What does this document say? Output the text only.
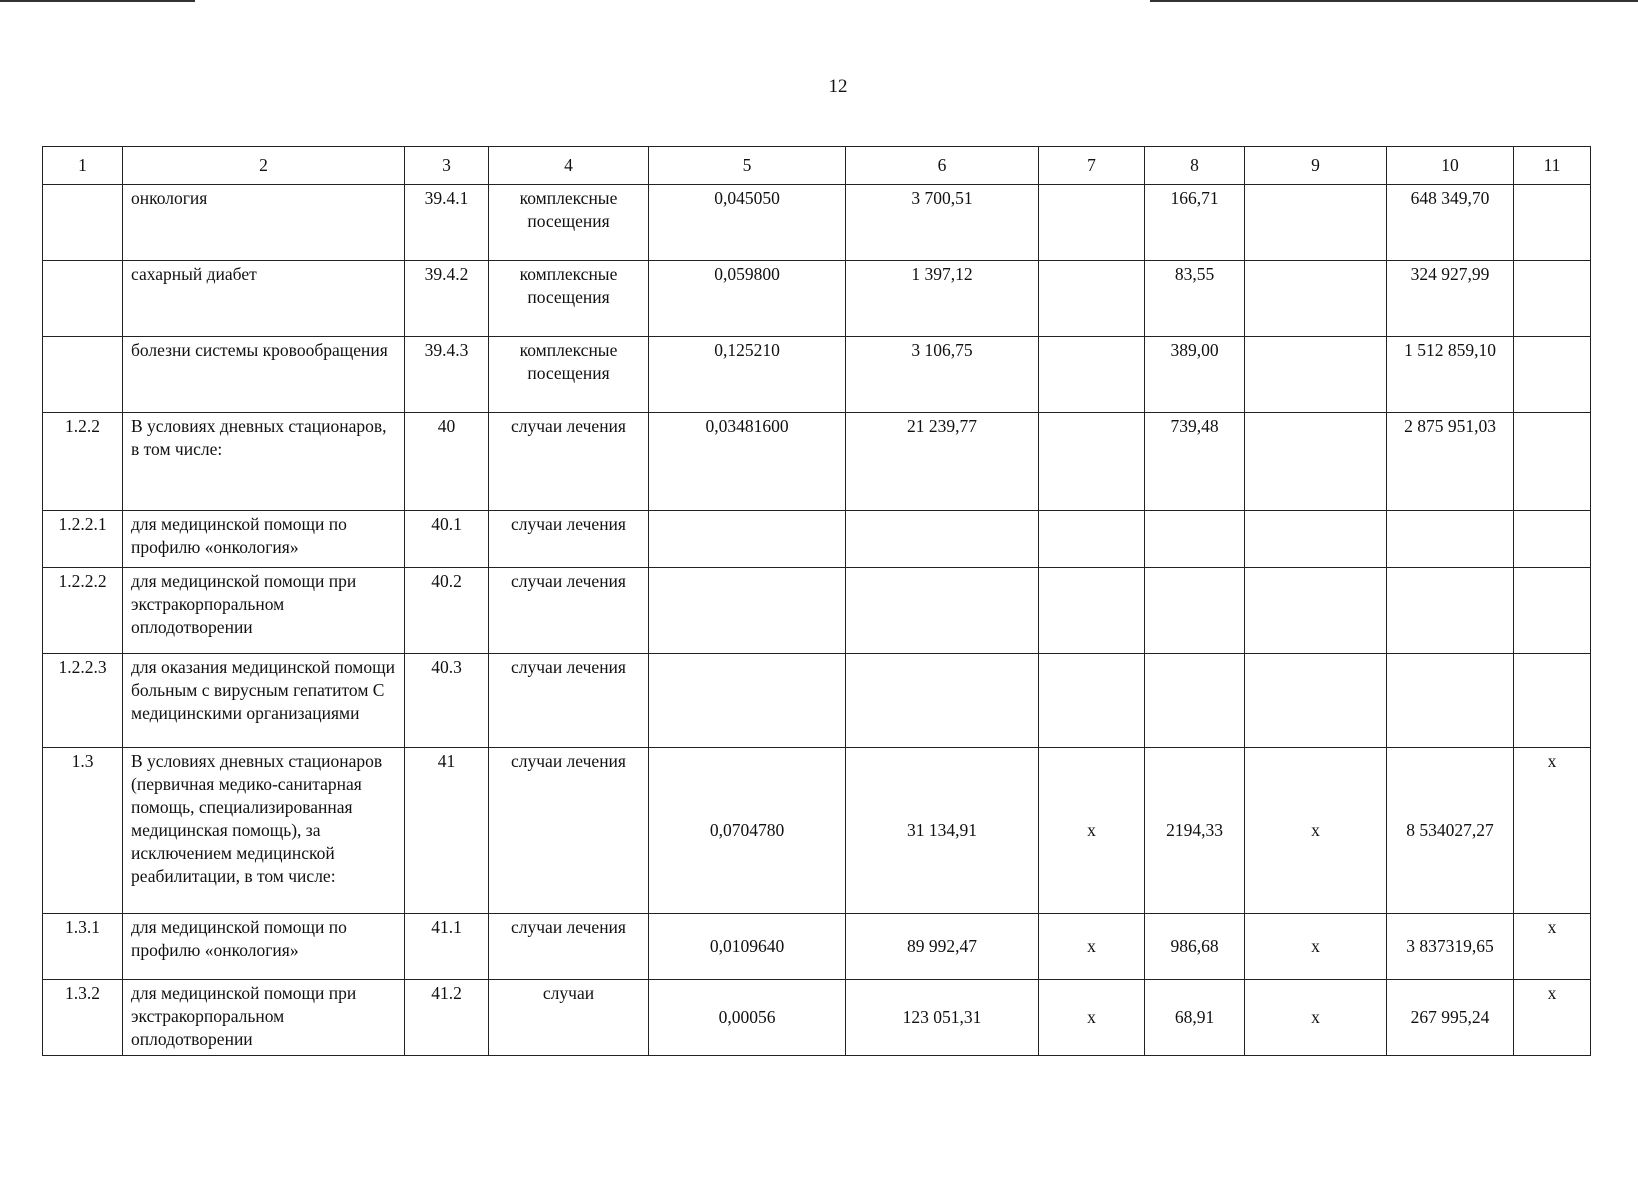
12
1	2	3	4	5	6	7	8	9	10	11
	онкология	39.4.1	комплексные посещения	0,045050	3 700,51		166,71		648 349,70	
	сахарный диабет	39.4.2	комплексные посещения	0,059800	1 397,12		83,55		324 927,99	
	болезни системы кровообращения	39.4.3	комплексные посещения	0,125210	3 106,75		389,00		1 512 859,10	
1.2.2	В условиях дневных стационаров, в том числе:	40	случаи лечения	0,03481600	21 239,77		739,48		2 875 951,03	
1.2.2.1	для медицинской помощи по профилю «онкология»	40.1	случаи лечения							
1.2.2.2	для медицинской помощи при экстракорпоральном оплодотворении	40.2	случаи лечения							
1.2.2.3	для оказания медицинской помощи больным с вирусным гепатитом С медицинскими организациями	40.3	случаи лечения							
1.3	В условиях дневных стационаров (первичная медико-санитарная помощь, специализированная медицинская помощь), за исключением медицинской реабилитации, в том числе:	41	случаи лечения	0,0704780	31 134,91	х	2194,33	х	8 534027,27	х
1.3.1	для медицинской помощи по профилю «онкология»	41.1	случаи лечения	0,0109640	89 992,47	х	986,68	х	3 837319,65	х
1.3.2	для медицинской помощи при экстракорпоральном оплодотворении	41.2	случаи	0,00056	123 051,31	х	68,91	х	267 995,24	х
